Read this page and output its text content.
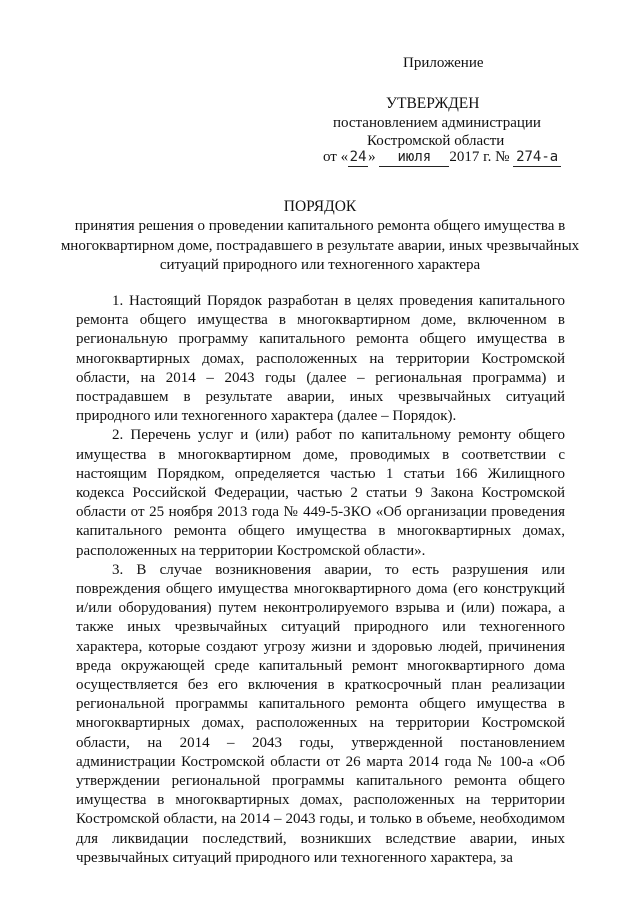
Приложение
УТВЕРЖДЕН
постановлением администрации
Костромской области
от « 24 » июля 2017 г. № 274-а
ПОРЯДОК
принятия решения о проведении капитального ремонта общего имущества в многоквартирном доме, пострадавшего в результате аварии, иных чрезвычайных ситуаций природного или техногенного характера

1. Настоящий Порядок разработан в целях проведения капитального ремонта общего имущества в многоквартирном доме, включенном в региональную программу капитального ремонта общего имущества в многоквартирных домах, расположенных на территории Костромской области, на 2014 – 2043 годы (далее – региональная программа) и пострадавшем в результате аварии, иных чрезвычайных ситуаций природного или техногенного характера (далее – Порядок).

2. Перечень услуг и (или) работ по капитальному ремонту общего имущества в многоквартирном доме, проводимых в соответствии с настоящим Порядком, определяется частью 1 статьи 166 Жилищного кодекса Российской Федерации, частью 2 статьи 9 Закона Костромской области от 25 ноября 2013 года № 449-5-ЗКО «Об организации проведения капитального ремонта общего имущества в многоквартирных домах, расположенных на территории Костромской области».

3. В случае возникновения аварии, то есть разрушения или повреждения общего имущества многоквартирного дома (его конструкций и/или оборудования) путем неконтролируемого взрыва и (или) пожара, а также иных чрезвычайных ситуаций природного или техногенного характера, которые создают угрозу жизни и здоровью людей, причинения вреда окружающей среде капитальный ремонт многоквартирного дома осуществляется без его включения в краткосрочный план реализации региональной программы капитального ремонта общего имущества в многоквартирных домах, расположенных на территории Костромской области, на 2014 – 2043 годы, утвержденной постановлением администрации Костромской области от 26 марта 2014 года № 100-а «Об утверждении региональной программы капитального ремонта общего имущества в многоквартирных домах, расположенных на территории Костромской области, на 2014 – 2043 годы, и только в объеме, необходимом для ликвидации последствий, возникших вследствие аварии, иных чрезвычайных ситуаций природного или техногенного характера, за
